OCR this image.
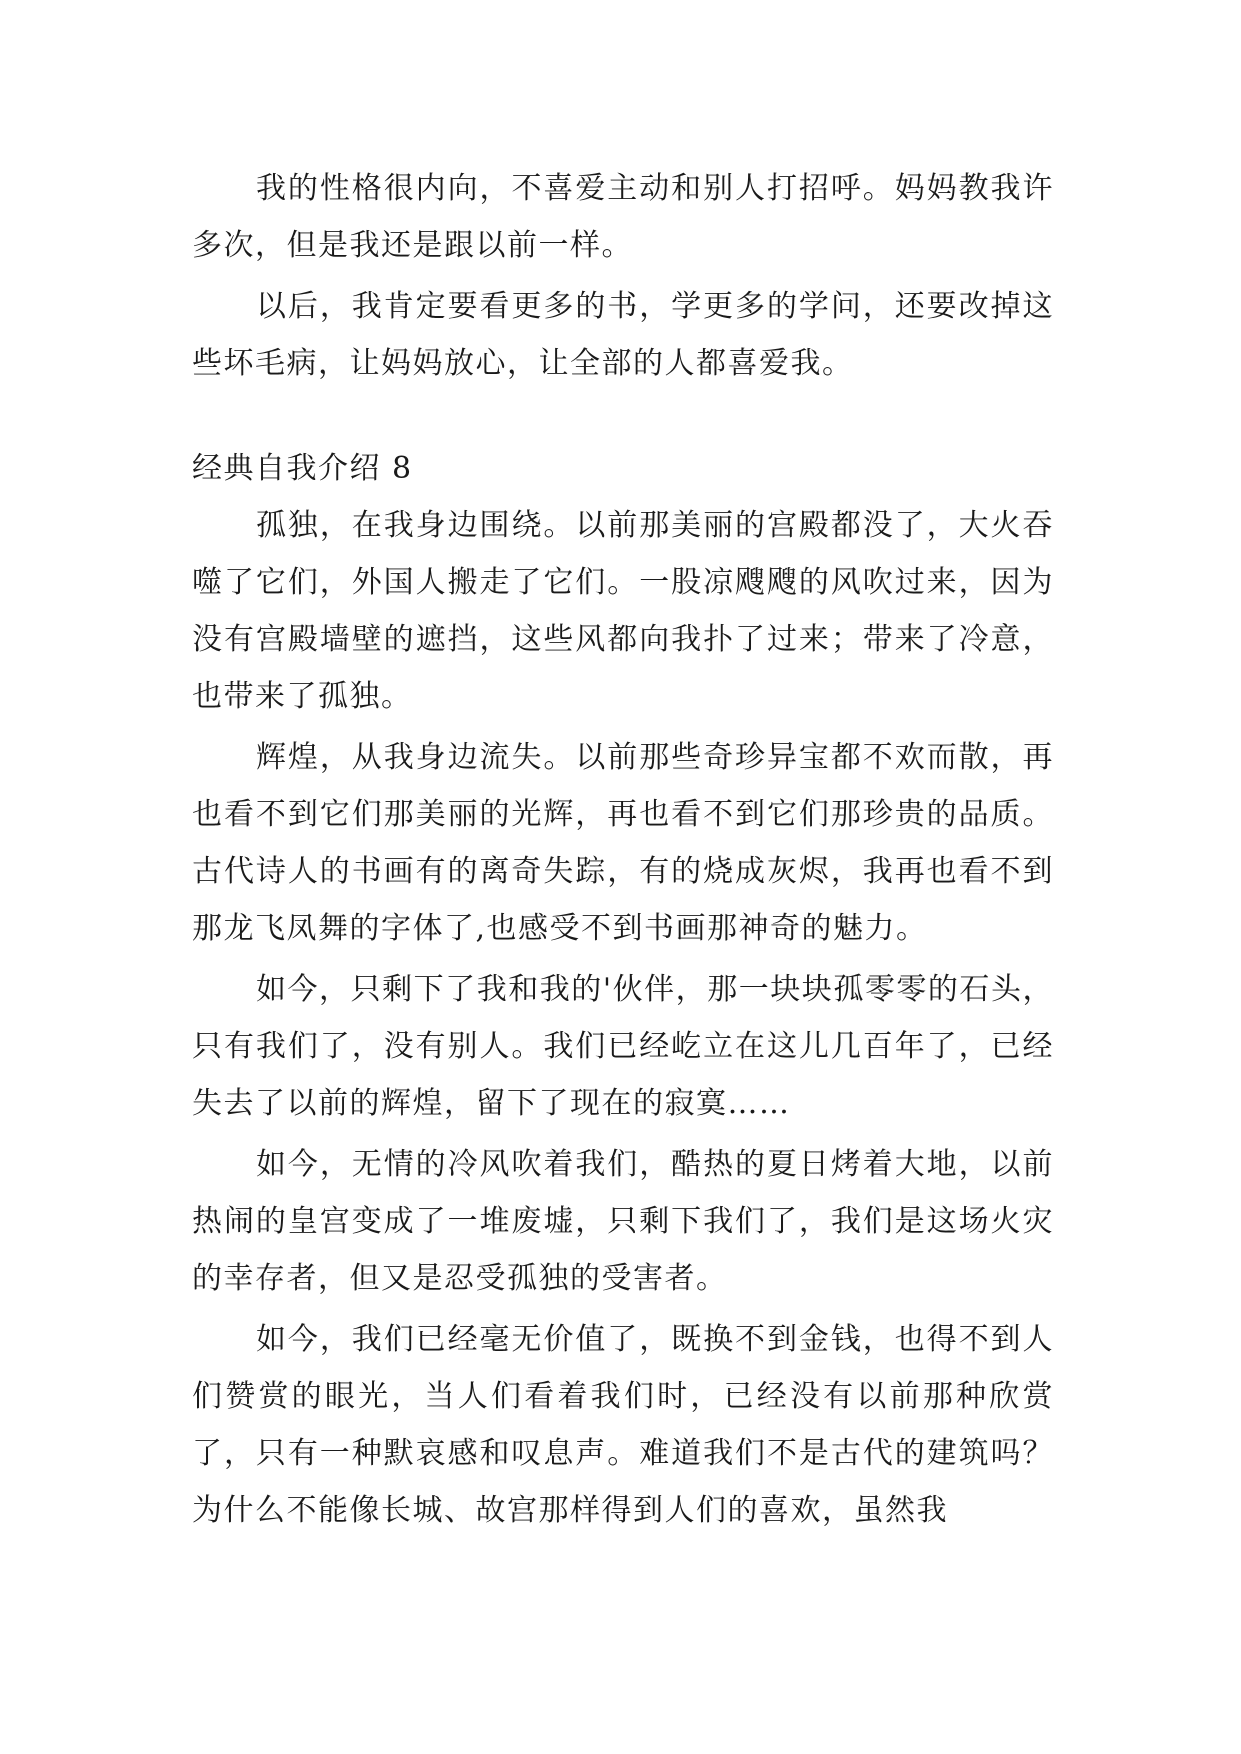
我的性格很内向，不喜爱主动和别人打招呼。妈妈教我许多次，但是我还是跟以前一样。

以后，我肯定要看更多的书，学更多的学问，还要改掉这些坏毛病，让妈妈放心，让全部的人都喜爱我。

经典自我介绍 8

孤独，在我身边围绕。以前那美丽的宫殿都没了，大火吞噬了它们，外国人搬走了它们。一股凉飕飕的风吹过来，因为没有宫殿墙壁的遮挡，这些风都向我扑了过来；带来了冷意，也带来了孤独。

辉煌，从我身边流失。以前那些奇珍异宝都不欢而散，再也看不到它们那美丽的光辉，再也看不到它们那珍贵的品质。古代诗人的书画有的离奇失踪，有的烧成灰烬，我再也看不到那龙飞凤舞的字体了,也感受不到书画那神奇的魅力。

如今，只剩下了我和我的'伙伴，那一块块孤零零的石头，只有我们了，没有别人。我们已经屹立在这儿几百年了，已经失去了以前的辉煌，留下了现在的寂寞……

如今，无情的冷风吹着我们，酷热的夏日烤着大地，以前热闹的皇宫变成了一堆废墟，只剩下我们了，我们是这场火灾的幸存者，但又是忍受孤独的受害者。

如今，我们已经毫无价值了，既换不到金钱，也得不到人们赞赏的眼光，当人们看着我们时，已经没有以前那种欣赏了，只有一种默哀感和叹息声。难道我们不是古代的建筑吗？为什么不能像长城、故宫那样得到人们的喜欢，虽然我
